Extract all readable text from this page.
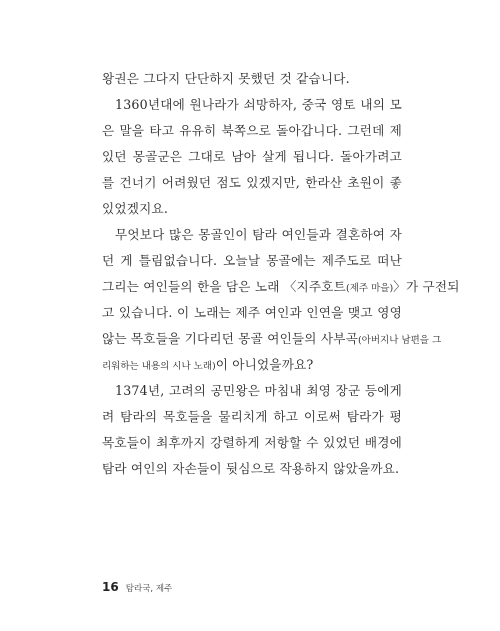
왕권은 그다지 단단하지 못했던 것 같습니다.
1360년대에 원나라가 쇠망하자, 중국 영토 내의 모
은 말을 타고 유유히 북쪽으로 돌아갑니다. 그런데 제
있던 몽골군은 그대로 남아 살게 됩니다. 돌아가려고
를 건너기 어려웠던 점도 있겠지만, 한라산 초원이 좋
있었겠지요.
무엇보다 많은 몽골인이 탐라 여인들과 결혼하여 자
던 게 틀림없습니다. 오늘날 몽골에는 제주도로 떠난
그리는 여인들의 한을 담은 노래 〈지주호트(제주 마을)〉가 구전되
고 있습니다. 이 노래는 제주 여인과 인연을 맺고 영영
않는 목호들을 기다리던 몽골 여인들의 사부곡(아버지나 남편을 그
리워하는 내용의 시나 노래)이 아니었을까요?
1374년, 고려의 공민왕은 마침내 최영 장군 등에게
려 탐라의 목호들을 물리치게 하고 이로써 탐라가 평
목호들이 최후까지 강렬하게 저항할 수 있었던 배경에
탐라 여인의 자손들이 뒷심으로 작용하지 않았을까요.
16 탐라국, 제주
